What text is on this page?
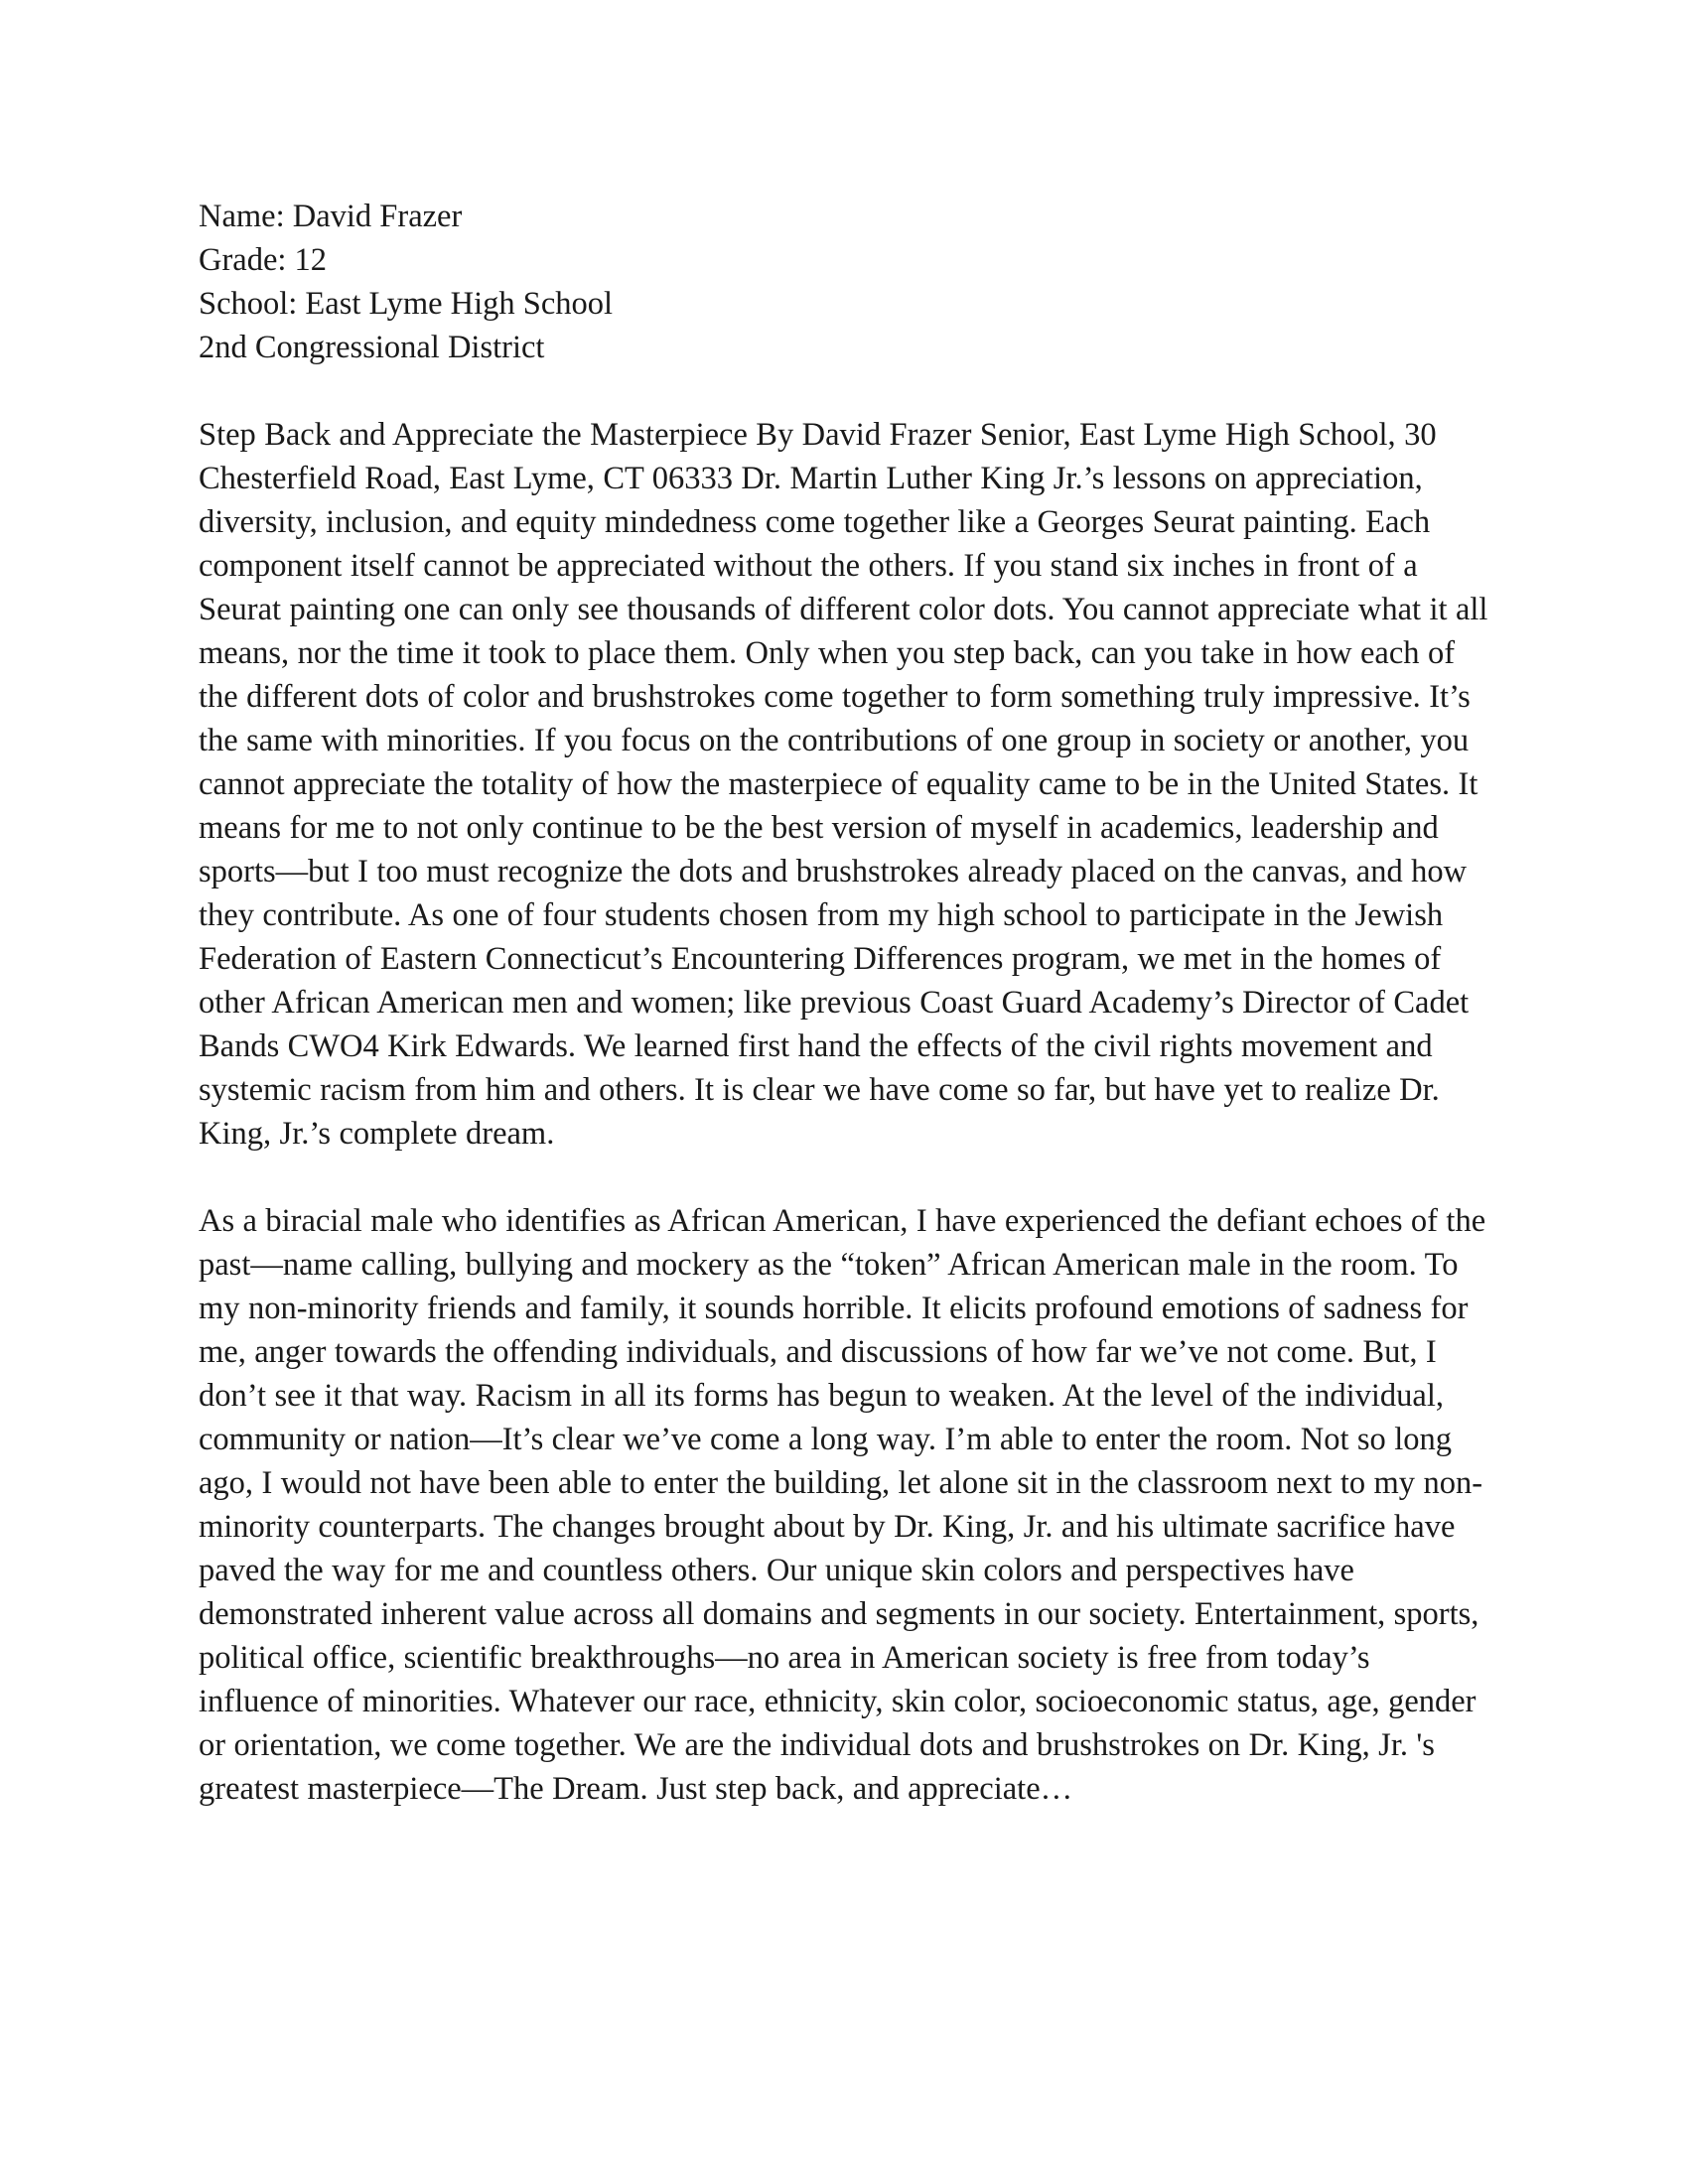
Name: David Frazer

Grade: 12

School: East Lyme High School

2nd Congressional District

Step Back and Appreciate the Masterpiece By David Frazer Senior, East Lyme High School, 30 Chesterfield Road, East Lyme, CT 06333 Dr. Martin Luther King Jr.’s lessons on appreciation, diversity, inclusion, and equity mindedness come together like a Georges Seurat painting. Each component itself cannot be appreciated without the others. If you stand six inches in front of a Seurat painting one can only see thousands of different color dots. You cannot appreciate what it all means, nor the time it took to place them. Only when you step back, can you take in how each of the different dots of color and brushstrokes come together to form something truly impressive. It’s the same with minorities. If you focus on the contributions of one group in society or another, you cannot appreciate the totality of how the masterpiece of equality came to be in the United States. It means for me to not only continue to be the best version of myself in academics, leadership and sports—but I too must recognize the dots and brushstrokes already placed on the canvas, and how they contribute. As one of four students chosen from my high school to participate in the Jewish Federation of Eastern Connecticut’s Encountering Differences program, we met in the homes of other African American men and women; like previous Coast Guard Academy’s Director of Cadet Bands CWO4 Kirk Edwards. We learned first hand the effects of the civil rights movement and systemic racism from him and others. It is clear we have come so far, but have yet to realize Dr. King, Jr.’s complete dream.

As a biracial male who identifies as African American, I have experienced the defiant echoes of the past—name calling, bullying and mockery as the “token” African American male in the room. To my non-minority friends and family, it sounds horrible. It elicits profound emotions of sadness for me, anger towards the offending individuals, and discussions of how far we’ve not come. But, I don’t see it that way. Racism in all its forms has begun to weaken. At the level of the individual, community or nation—It’s clear we’ve come a long way. I’m able to enter the room. Not so long ago, I would not have been able to enter the building, let alone sit in the classroom next to my non-minority counterparts. The changes brought about by Dr. King, Jr. and his ultimate sacrifice have paved the way for me and countless others. Our unique skin colors and perspectives have demonstrated inherent value across all domains and segments in our society. Entertainment, sports, political office, scientific breakthroughs—no area in American society is free from today’s influence of minorities. Whatever our race, ethnicity, skin color, socioeconomic status, age, gender or orientation, we come together. We are the individual dots and brushstrokes on Dr. King, Jr. 's greatest masterpiece—The Dream. Just step back, and appreciate…
